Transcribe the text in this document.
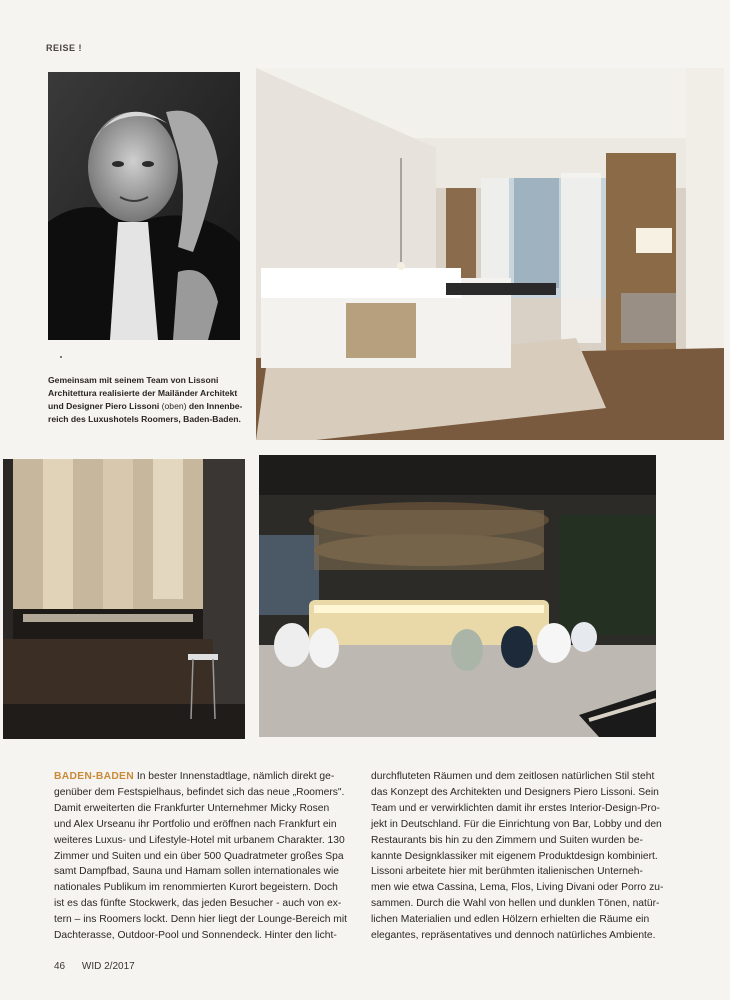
REISE !
Gemeinsam mit seinem Team von Lissoni
Architettura realisierte der Mailänder Architekt
und Designer Piero Lissoni (oben) den Innenbe-
reich des Luxushotels Roomers, Baden-Baden.
BADEN-BADEN In bester Innenstadtlage, nämlich direkt ge-
genüber dem Festspielhaus, befindet sich das neue „Roomers".
Damit erweiterten die Frankfurter Unternehmer Micky Rosen
und Alex Urseanu ihr Portfolio und eröffnen nach Frankfurt ein
weiteres Luxus- und Lifestyle-Hotel mit urbanem Charakter. 130
Zimmer und Suiten und ein über 500 Quadratmeter großes Spa
samt Dampfbad, Sauna und Hamam sollen internationales wie
nationales Publikum im renommierten Kurort begeistern. Doch
ist es das fünfte Stockwerk, das jeden Besucher - auch von ex-
tern – ins Roomers lockt. Denn hier liegt der Lounge-Bereich mit
Dachterasse, Outdoor-Pool und Sonnendeck. Hinter den licht-
durchfluteten Räumen und dem zeitlosen natürlichen Stil steht
das Konzept des Architekten und Designers Piero Lissoni. Sein
Team und er verwirklichten damit ihr erstes Interior-Design-Pro-
jekt in Deutschland. Für die Einrichtung von Bar, Lobby und den
Restaurants bis hin zu den Zimmern und Suiten wurden be-
kannte Designklassiker mit eigenem Produktdesign kombiniert.
Lissoni arbeitete hier mit berühmten italienischen Unterneh-
men wie etwa Cassina, Lema, Flos, Living Divani oder Porro zu-
sammen. Durch die Wahl von hellen und dunklen Tönen, natür-
lichen Materialien und edlen Hölzern erhielten die Räume ein
elegantes, repräsentatives und dennoch natürliches Ambiente.
46 WID 2/2017
